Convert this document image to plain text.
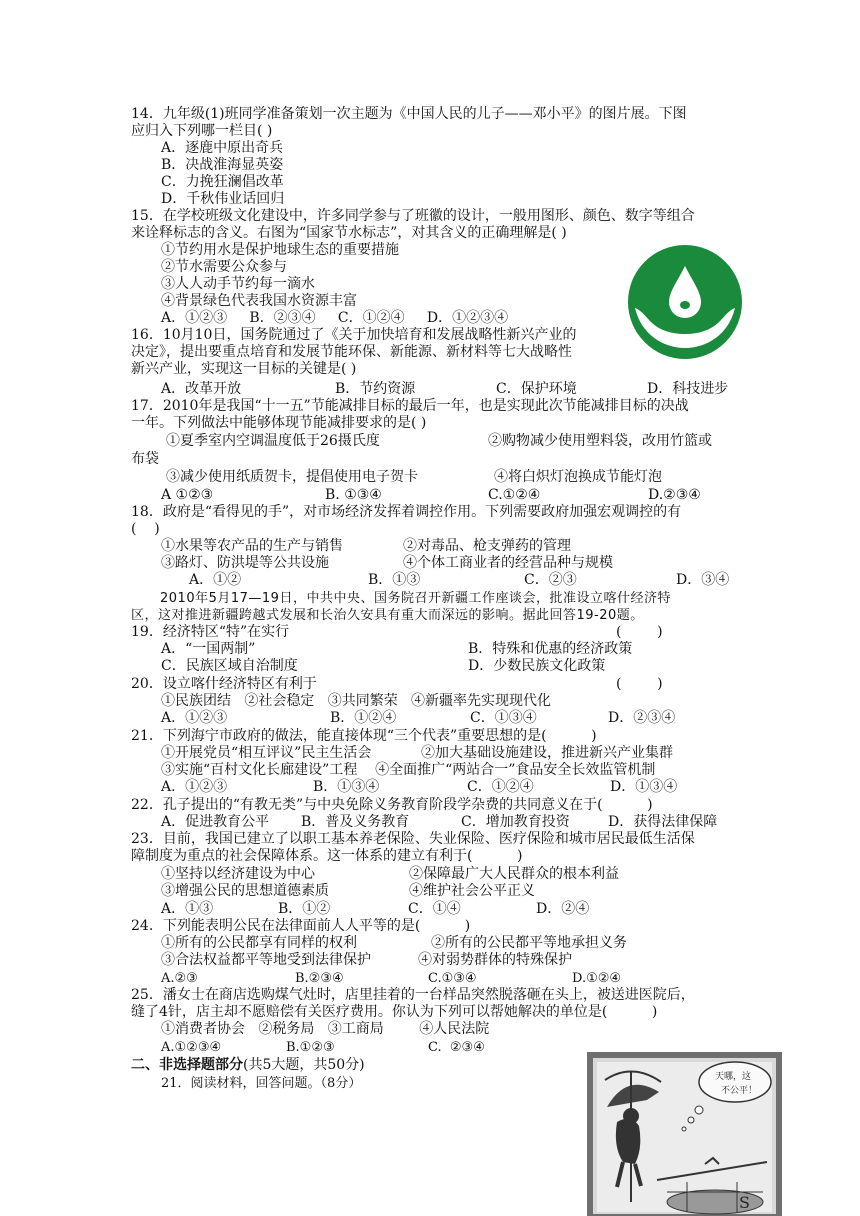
14．九年级(1)班同学准备策划一次主题为《中国人民的儿子——邓小平》的图片展。下图
应归入下列哪一栏目( )
A．逐鹿中原出奇兵
B．决战淮海显英姿
C．力挽狂澜倡改革
D．千秋伟业话回归
15．在学校班级文化建设中，许多同学参与了班徽的设计，一般用图形、颜色、数字等组合
来诠释标志的含义。右图为“国家节水标志”，对其含义的正确理解是( )
①节约用水是保护地球生态的重要措施
②节水需要公众参与
③人人动手节约每一滴水
④背景绿色代表我国水资源丰富
A．①②③     B．②③④     C．①②④     D．①②③④
16．10月10日，国务院通过了《关于加快培育和发展战略性新兴产业的
决定》，提出要重点培育和发展节能环保、新能源、新材料等七大战略性
新兴产业，实现这一目标的关键是( )
A．改革开放	B．节约资源	C．保护环境	D．科技进步
17．2010年是我国“十一五”节能减排目标的最后一年，也是实现此次节能减排目标的决战
一年。下列做法中能够体现节能减排要求的是( )
①夏季室内空调温度低于26摄氏度	②购物减少使用塑料袋，改用竹篮或
布袋
③减少使用纸质贺卡，提倡使用电子贺卡	④将白炽灯泡换成节能灯泡
A ①②③	B. ①③④	C.①②④	D.②③④
18．政府是“看得见的手”，对市场经济发挥着调控作用。下列需要政府加强宏观调控的有
(    )
①水果等农产品的生产与销售	②对毒品、枪支弹药的管理
③路灯、防洪堤等公共设施	④个体工商业者的经营品种与规模
A．①②	B．①③	C．②③	D．③④
2010年5月17—19日，中共中央、国务院召开新疆工作座谈会，批准设立喀什经济特
区，这对推进新疆跨越式发展和长治久安具有重大而深远的影响。据此回答19-20题。
19．经济特区“特”在实行	(        )
A．“一国两制”	B．特殊和优惠的经济政策
C．民族区域自治制度	D．少数民族文化政策
20．设立喀什经济特区有利于	(        )
①民族团结   ②社会稳定   ③共同繁荣   ④新疆率先实现现代化
A．①②③	B．①②④	C．①③④	D．②③④
21．下列海宁市政府的做法，能直接体现“三个代表”重要思想的是(          )
①开展党员“相互评议”民主生活会	②加大基础设施建设，推进新兴产业集群
③实施“百村文化长廊建设”工程    ④全面推广“两站合一”食品安全长效监管机制
A．①②③	B．①③④	C．①②④	D．①③④
22．孔子提出的“有教无类”与中央免除义务教育阶段学杂费的共同意义在于(          )
A．促进教育公平 B．普及义务教育	C．增加教育投资	D．获得法律保障
23．目前，我国已建立了以职工基本养老保险、失业保险、医疗保险和城市居民最低生活保
障制度为重点的社会保障体系。这一体系的建立有利于(          )
①坚持以经济建设为中心	②保障最广大人民群众的根本利益
③增强公民的思想道德素质	④维护社会公平正义
A．①③	B．①②	C．①④	D．②④
24．下列能表明公民在法律面前人人平等的是(          )
①所有的公民都享有同样的权利	②所有的公民都平等地承担义务
③合法权益都平等地受到法律保护	④对弱势群体的特殊保护
A.②③	B.②③④	C.①③④	D.①②④
25．潘女士在商店选购煤气灶时，店里挂着的一台样品突然脱落砸在头上，被送进医院后，
缝了4针，店主却不愿赔偿有关医疗费用。你认为下列可以帮她解决的单位是(          )
①消费者协会   ②税务局   ③工商局        ④人民法院
A.①②③④	B.①②③	C.  ②③④
二、非选择题部分(共5大题，共50分)
21．阅读材料，回答问题。（8分）	天哪，这
不公平！
S
